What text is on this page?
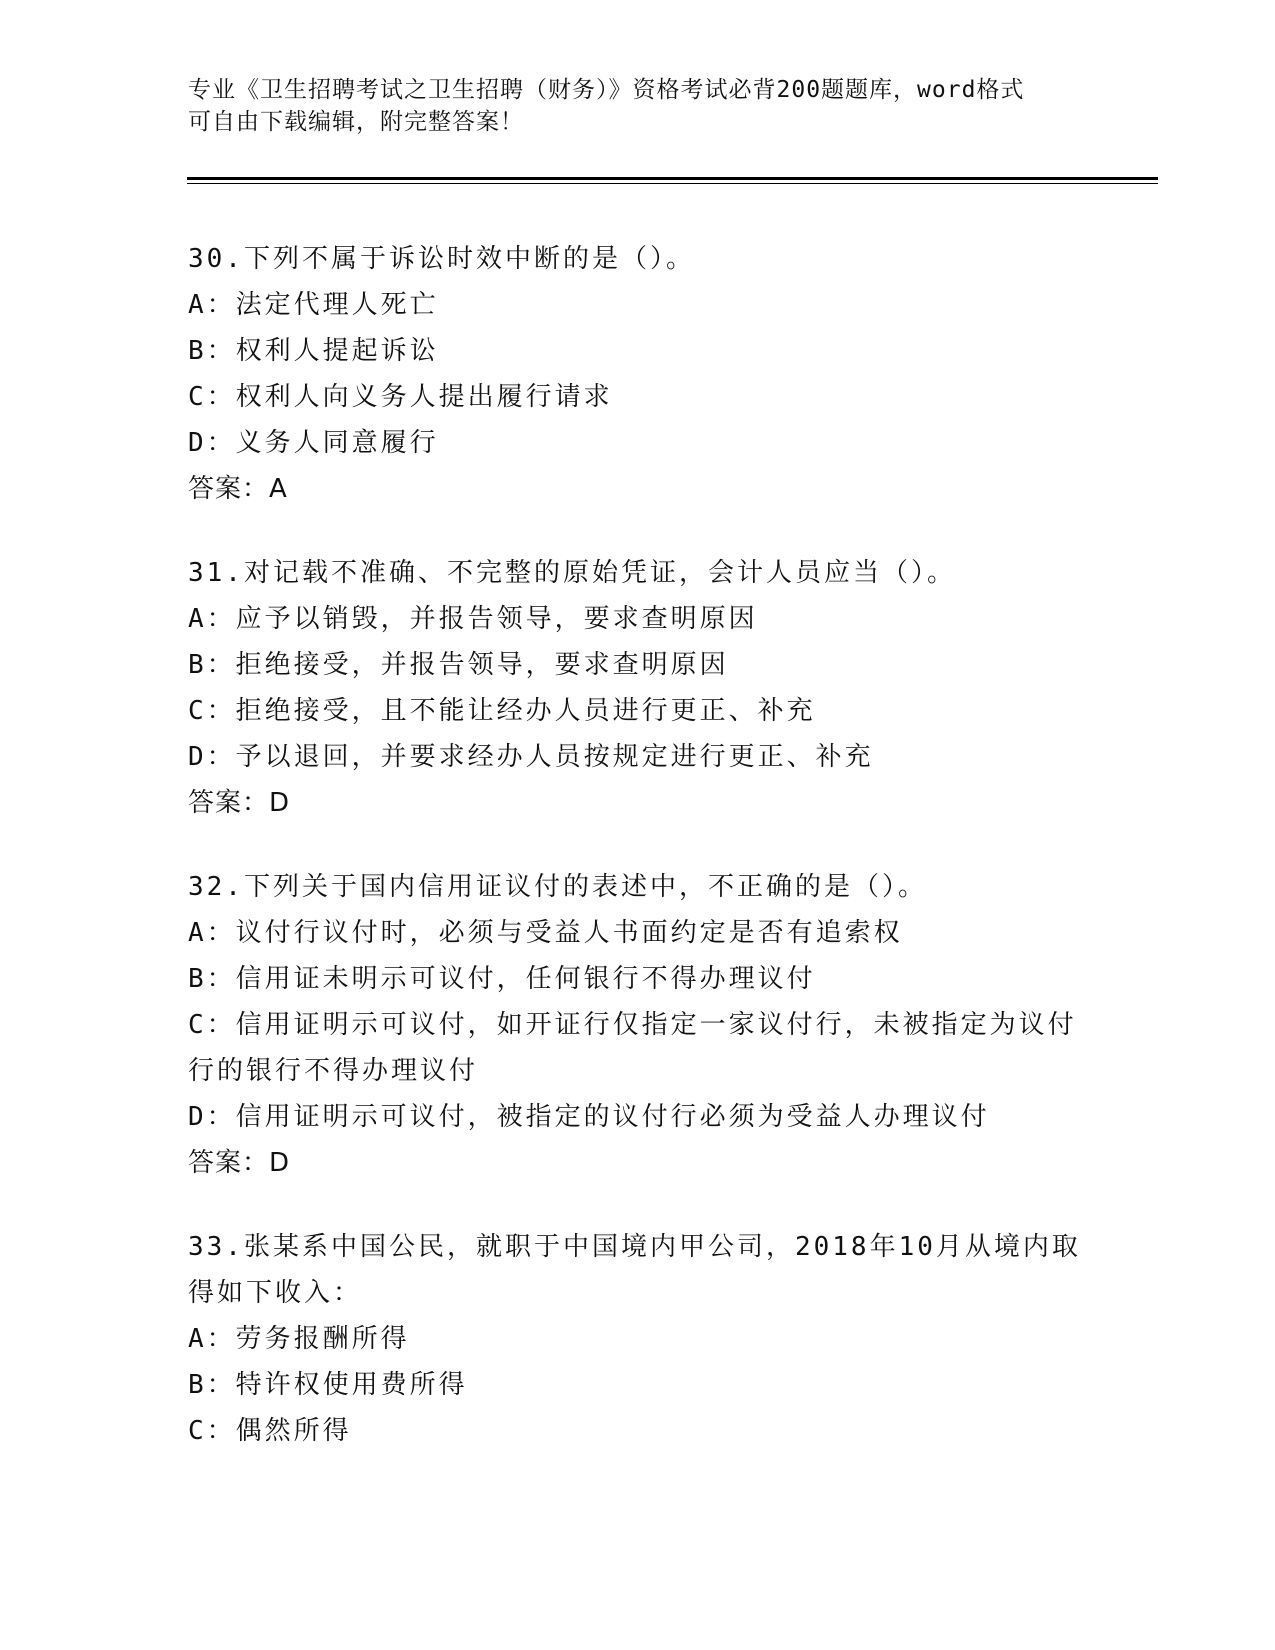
专业《卫生招聘考试之卫生招聘（财务）》资格考试必背200题题库，word格式
可自由下载编辑，附完整答案！
30.下列不属于诉讼时效中断的是（）。
A：法定代理人死亡
B：权利人提起诉讼
C：权利人向义务人提出履行请求
D：义务人同意履行
答案：A
31.对记载不准确、不完整的原始凭证，会计人员应当（）。
A：应予以销毁，并报告领导，要求查明原因
B：拒绝接受，并报告领导，要求查明原因
C：拒绝接受，且不能让经办人员进行更正、补充
D：予以退回，并要求经办人员按规定进行更正、补充
答案：D
32.下列关于国内信用证议付的表述中，不正确的是（）。
A：议付行议付时，必须与受益人书面约定是否有追索权
B：信用证未明示可议付，任何银行不得办理议付
C：信用证明示可议付，如开证行仅指定一家议付行，未被指定为议付
行的银行不得办理议付
D：信用证明示可议付，被指定的议付行必须为受益人办理议付
答案：D
33.张某系中国公民，就职于中国境内甲公司，2018年10月从境内取
得如下收入：
A：劳务报酬所得
B：特许权使用费所得
C：偶然所得
